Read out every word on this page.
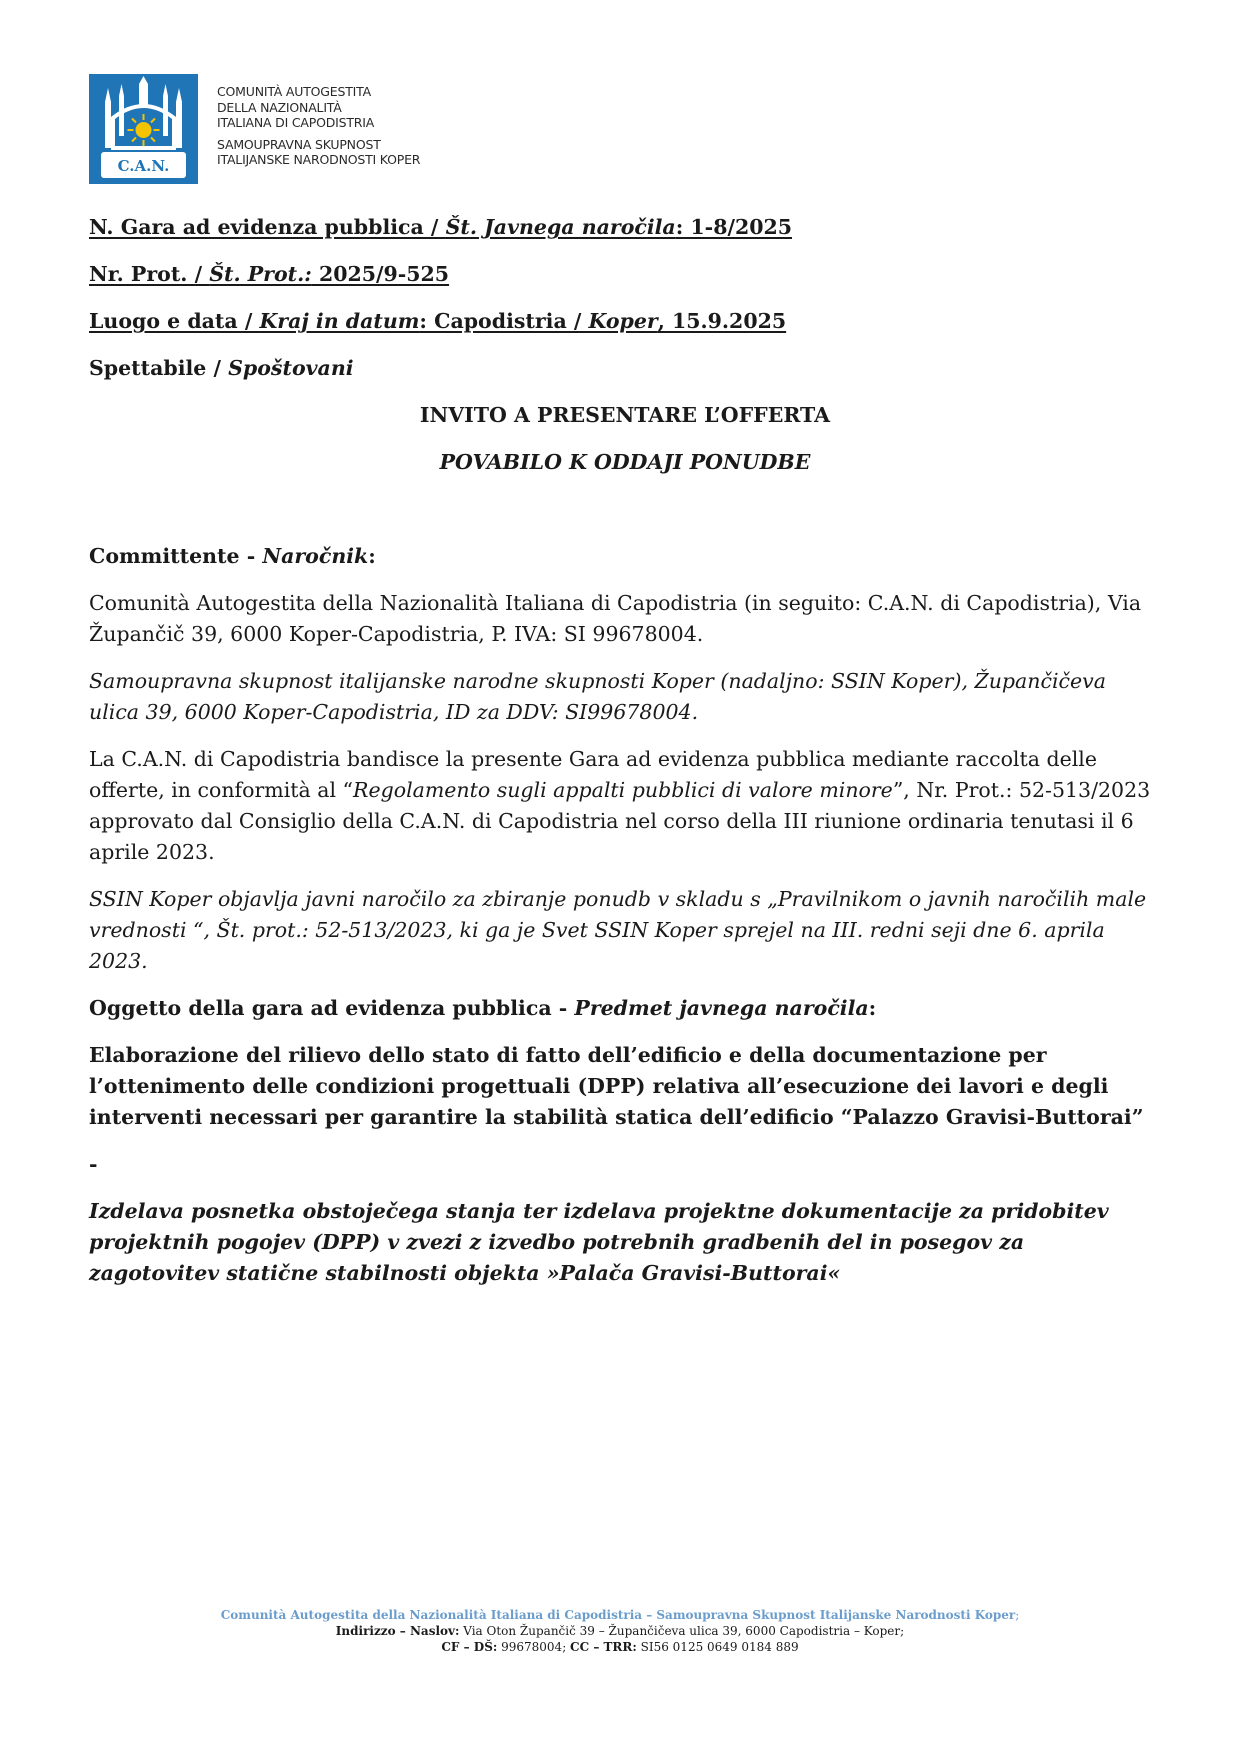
C.A.N.
COMUNITÀ AUTOGESTITA
DELLA NAZIONALITÀ
ITALIANA DI CAPODISTRIA
SAMOUPRAVNA SKUPNOST
ITALIJANSKE NARODNOSTI KOPER
N. Gara ad evidenza pubblica / Št. Javnega naročila: 1-8/2025
Nr. Prot. / Št. Prot.: 2025/9-525
Luogo e data / Kraj in datum: Capodistria / Koper, 15.9.2025
Spettabile / Spoštovani
INVITO A PRESENTARE L’OFFERTA
POVABILO K ODDAJI PONUDBE
Committente - Naročnik:

Comunità Autogestita della Nazionalità Italiana di Capodistria (in seguito: C.A.N. di Capodistria), Via Župančič 39, 6000 Koper-Capodistria, P. IVA: SI 99678004.

Samoupravna skupnost italijanske narodne skupnosti Koper (nadaljno: SSIN Koper), Župančičeva ulica 39, 6000 Koper-Capodistria, ID za DDV: SI99678004.

La C.A.N. di Capodistria bandisce la presente Gara ad evidenza pubblica mediante raccolta delle offerte, in conformità al “Regolamento sugli appalti pubblici di valore minore”, Nr. Prot.: 52-513/2023 approvato dal Consiglio della C.A.N. di Capodistria nel corso della III riunione ordinaria tenutasi il 6 aprile 2023.

SSIN Koper objavlja javni naročilo za zbiranje ponudb v skladu s „Pravilnikom o javnih naročilih male vrednosti “, Št. prot.: 52-513/2023, ki ga je Svet SSIN Koper sprejel na III. redni seji dne 6. aprila 2023.

Oggetto della gara ad evidenza pubblica - Predmet javnega naročila:

Elaborazione del rilievo dello stato di fatto dell’edificio e della documentazione per l’ottenimento delle condizioni progettuali (DPP) relativa all’esecuzione dei lavori e degli interventi necessari per garantire la stabilità statica dell’edificio “Palazzo Gravisi-Buttorai”

-

Izdelava posnetka obstoječega stanja ter izdelava projektne dokumentacije za pridobitev projektnih pogojev (DPP) v zvezi z izvedbo potrebnih gradbenih del in posegov za zagotovitev statične stabilnosti objekta »Palača Gravisi-Buttorai«

Comunità Autogestita della Nazionalità Italiana di Capodistria – Samoupravna Skupnost Italijanske Narodnosti Koper;
Indirizzo – Naslov: Via Oton Župančič 39 – Župančičeva ulica 39, 6000 Capodistria – Koper;
CF – DŠ: 99678004; CC – TRR: SI56 0125 0649 0184 889
